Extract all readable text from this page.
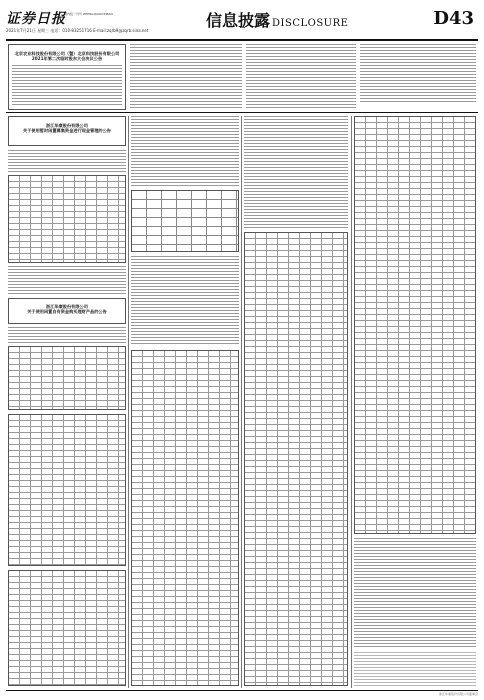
证券日报
国内统一刊号 ZHENGQUAN RIBAO
2021年7月21日 星期三 电话：010-83251716 E-mail:zqrb9@zqrb.sina.net
信息披露 DISCLOSURE	D43
北京农业科技股份有限公司（暨）北京科技股份有限公司
2021年第二次临时股东大会决议公告
浙江华康股份有限公司
关于使用暂时闲置募集资金进行现金管理的公告
浙江华康股份有限公司
关于使用闲置自有资金购买理财产品的公告
浙江华康股份有限公司董事会
